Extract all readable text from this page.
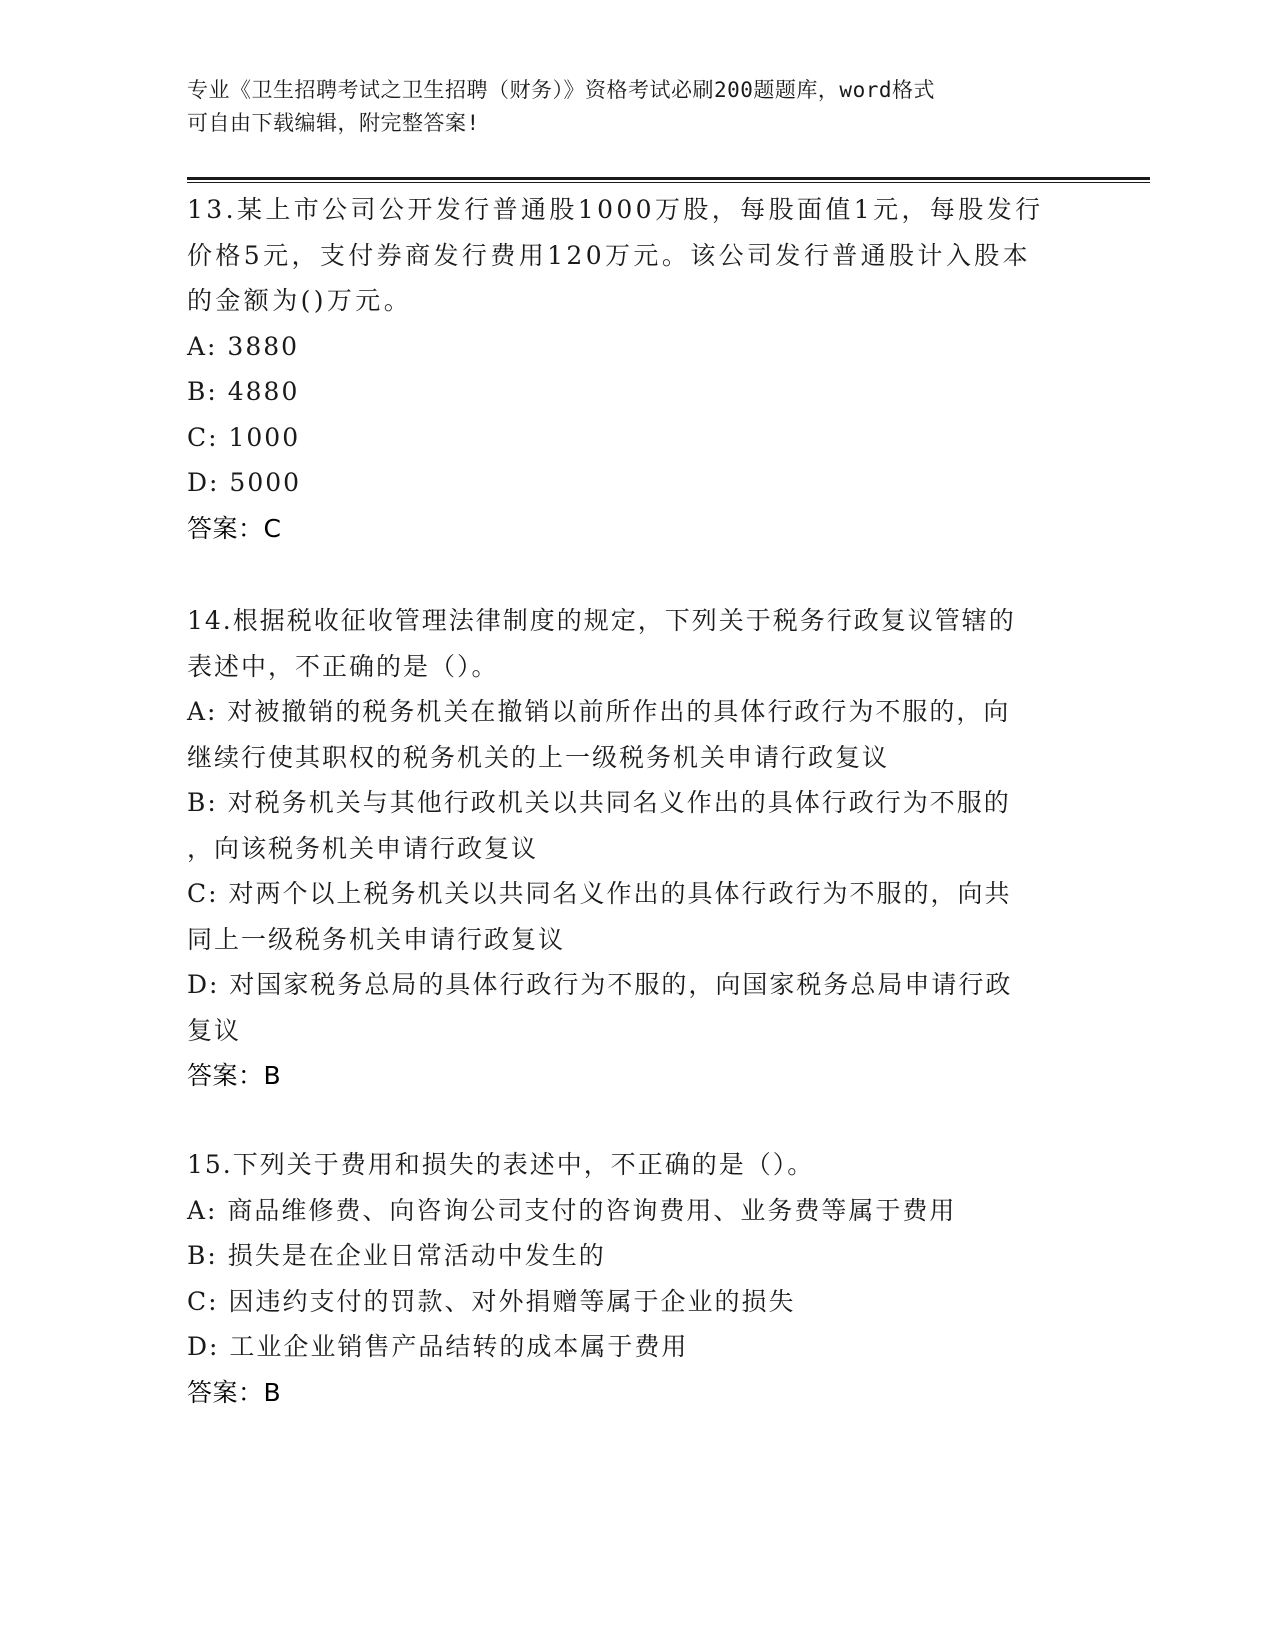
专业《卫生招聘考试之卫生招聘（财务）》资格考试必刷200题题库，word格式
可自由下载编辑，附完整答案!
13.某上市公司公开发行普通股1000万股，每股面值1元，每股发行
价格5元，支付券商发行费用120万元。该公司发行普通股计入股本
的金额为()万元。
A: 3880
B: 4880
C: 1000
D: 5000
答案：C
14.根据税收征收管理法律制度的规定，下列关于税务行政复议管辖的
表述中，不正确的是（）。
A: 对被撤销的税务机关在撤销以前所作出的具体行政行为不服的，向
继续行使其职权的税务机关的上一级税务机关申请行政复议
B: 对税务机关与其他行政机关以共同名义作出的具体行政行为不服的
，向该税务机关申请行政复议
C: 对两个以上税务机关以共同名义作出的具体行政行为不服的，向共
同上一级税务机关申请行政复议
D: 对国家税务总局的具体行政行为不服的，向国家税务总局申请行政
复议
答案：B
15.下列关于费用和损失的表述中，不正确的是（）。
A: 商品维修费、向咨询公司支付的咨询费用、业务费等属于费用
B: 损失是在企业日常活动中发生的
C: 因违约支付的罚款、对外捐赠等属于企业的损失
D: 工业企业销售产品结转的成本属于费用
答案：B
